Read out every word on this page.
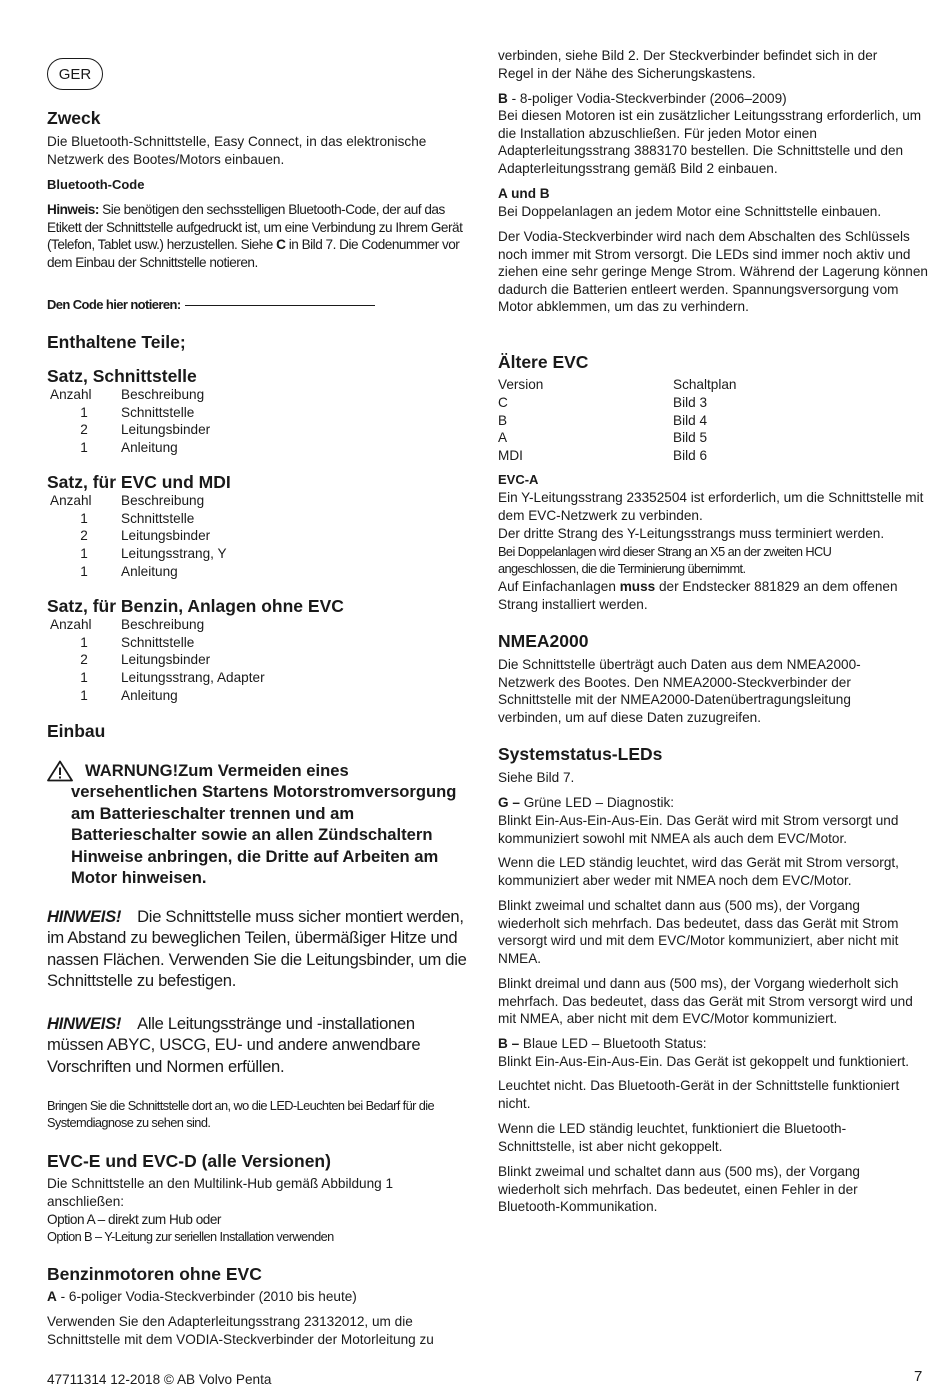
GER
Zweck

Die Bluetooth-Schnittstelle, Easy Connect, in das elektronische Netzwerk des Bootes/Motors einbauen.

Bluetooth-Code

Hinweis: Sie benötigen den sechsstelligen Bluetooth-Code, der auf das Etikett der Schnittstelle aufgedruckt ist, um eine Verbindung zu Ihrem Gerät (Telefon, Tablet usw.) herzustellen. Siehe C in Bild 7. Die Codenummer vor dem Einbau der Schnittstelle notieren.

Den Code hier notieren:

Enthaltene Teile;
Satz, Schnittstelle
Anzahl	Beschreibung
1	Schnittstelle
2	Leitungsbinder
1	Anleitung
Satz, für EVC und MDI
Anzahl	Beschreibung
1	Schnittstelle
2	Leitungsbinder
1	Leitungsstrang, Y
1	Anleitung
Satz, für Benzin, Anlagen ohne EVC
Anzahl	Beschreibung
1	Schnittstelle
2	Leitungsbinder
1	Leitungsstrang, Adapter
1	Anleitung
Einbau
WARNUNG!Zum Vermeiden eines
versehentlichen Startens Motorstromversorgung am Batterieschalter trennen und am Batterieschalter sowie an allen Zündschaltern Hinweise anbringen, die Dritte auf Arbeiten am Motor hinweisen.
HINWEIS! Die Schnittstelle muss sicher montiert werden, im Abstand zu beweglichen Teilen, übermäßiger Hitze und nassen Flächen. Verwenden Sie die Leitungsbinder, um die Schnittstelle zu befestigen.
HINWEIS! Alle Leitungsstränge und -installationen müssen ABYC, USCG, EU- und andere anwendbare Vorschriften und Normen erfüllen.

Bringen Sie die Schnittstelle dort an, wo die LED-Leuchten bei Bedarf für die Systemdiagnose zu sehen sind.

EVC-E und EVC-D (alle Versionen)

Die Schnittstelle an den Multilink-Hub gemäß Abbildung 1 anschließen:

Option A – direkt zum Hub oder

Option B – Y-Leitung zur seriellen Installation verwenden

Benzinmotoren ohne EVC

A - 6-poliger Vodia-Steckverbinder (2010 bis heute)

Verwenden Sie den Adapterleitungsstrang 23132012, um die Schnittstelle mit dem VODIA-Steckverbinder der Motorleitung zu

verbinden, siehe Bild 2. Der Steckverbinder befindet sich in der Regel in der Nähe des Sicherungskastens.

B - 8-poliger Vodia-Steckverbinder (2006–2009)

Bei diesen Motoren ist ein zusätzlicher Leitungsstrang erforderlich, um die Installation abzuschließen. Für jeden Motor einen Adapterleitungsstrang 3883170 bestellen. Die Schnittstelle und den Adapterleitungsstrang gemäß Bild 2 einbauen.

A und B

Bei Doppelanlagen an jedem Motor eine Schnittstelle einbauen.

Der Vodia-Steckverbinder wird nach dem Abschalten des Schlüssels noch immer mit Strom versorgt. Die LEDs sind immer noch aktiv und ziehen eine sehr geringe Menge Strom. Während der Lagerung können dadurch die Batterien entleert werden. Spannungsversorgung vom Motor abklemmen, um das zu verhindern.

Ältere EVC
Version	Schaltplan
C	Bild 3
B	Bild 4
A	Bild 5
MDI	Bild 6

EVC-A

Ein Y-Leitungsstrang 23352504 ist erforderlich, um die Schnittstelle mit dem EVC-Netzwerk zu verbinden.

Der dritte Strang des Y-Leitungsstrangs muss terminiert werden.

Bei Doppelanlagen wird dieser Strang an X5 an der zweiten HCU angeschlossen, die die Terminierung übernimmt.

Auf Einfachanlagen muss der Endstecker 881829 an dem offenen Strang installiert werden.

NMEA2000

Die Schnittstelle überträgt auch Daten aus dem NMEA2000-Netzwerk des Bootes. Den NMEA2000-Steckverbinder der Schnittstelle mit der NMEA2000-Datenübertragungsleitung verbinden, um auf diese Daten zuzugreifen.

Systemstatus-LEDs

Siehe Bild 7.

G – Grüne LED – Diagnostik:

Blinkt Ein-Aus-Ein-Aus-Ein. Das Gerät wird mit Strom versorgt und kommuniziert sowohl mit NMEA als auch dem EVC/Motor.

Wenn die LED ständig leuchtet, wird das Gerät mit Strom versorgt, kommuniziert aber weder mit NMEA noch dem EVC/Motor.

Blinkt zweimal und schaltet dann aus (500 ms), der Vorgang wiederholt sich mehrfach. Das bedeutet, dass das Gerät mit Strom versorgt wird und mit dem EVC/Motor kommuniziert, aber nicht mit NMEA.

Blinkt dreimal und dann aus (500 ms), der Vorgang wiederholt sich mehrfach. Das bedeutet, dass das Gerät mit Strom versorgt wird und mit NMEA, aber nicht mit dem EVC/Motor kommuniziert.

B – Blaue LED – Bluetooth Status:

Blinkt Ein-Aus-Ein-Aus-Ein. Das Gerät ist gekoppelt und funktioniert.

Leuchtet nicht. Das Bluetooth-Gerät in der Schnittstelle funktioniert nicht.

Wenn die LED ständig leuchtet, funktioniert die Bluetooth-Schnittstelle, ist aber nicht gekoppelt.

Blinkt zweimal und schaltet dann aus (500 ms), der Vorgang wiederholt sich mehrfach. Das bedeutet, einen Fehler in der Bluetooth-Kommunikation.

47711314 12-2018 © AB Volvo Penta	7
